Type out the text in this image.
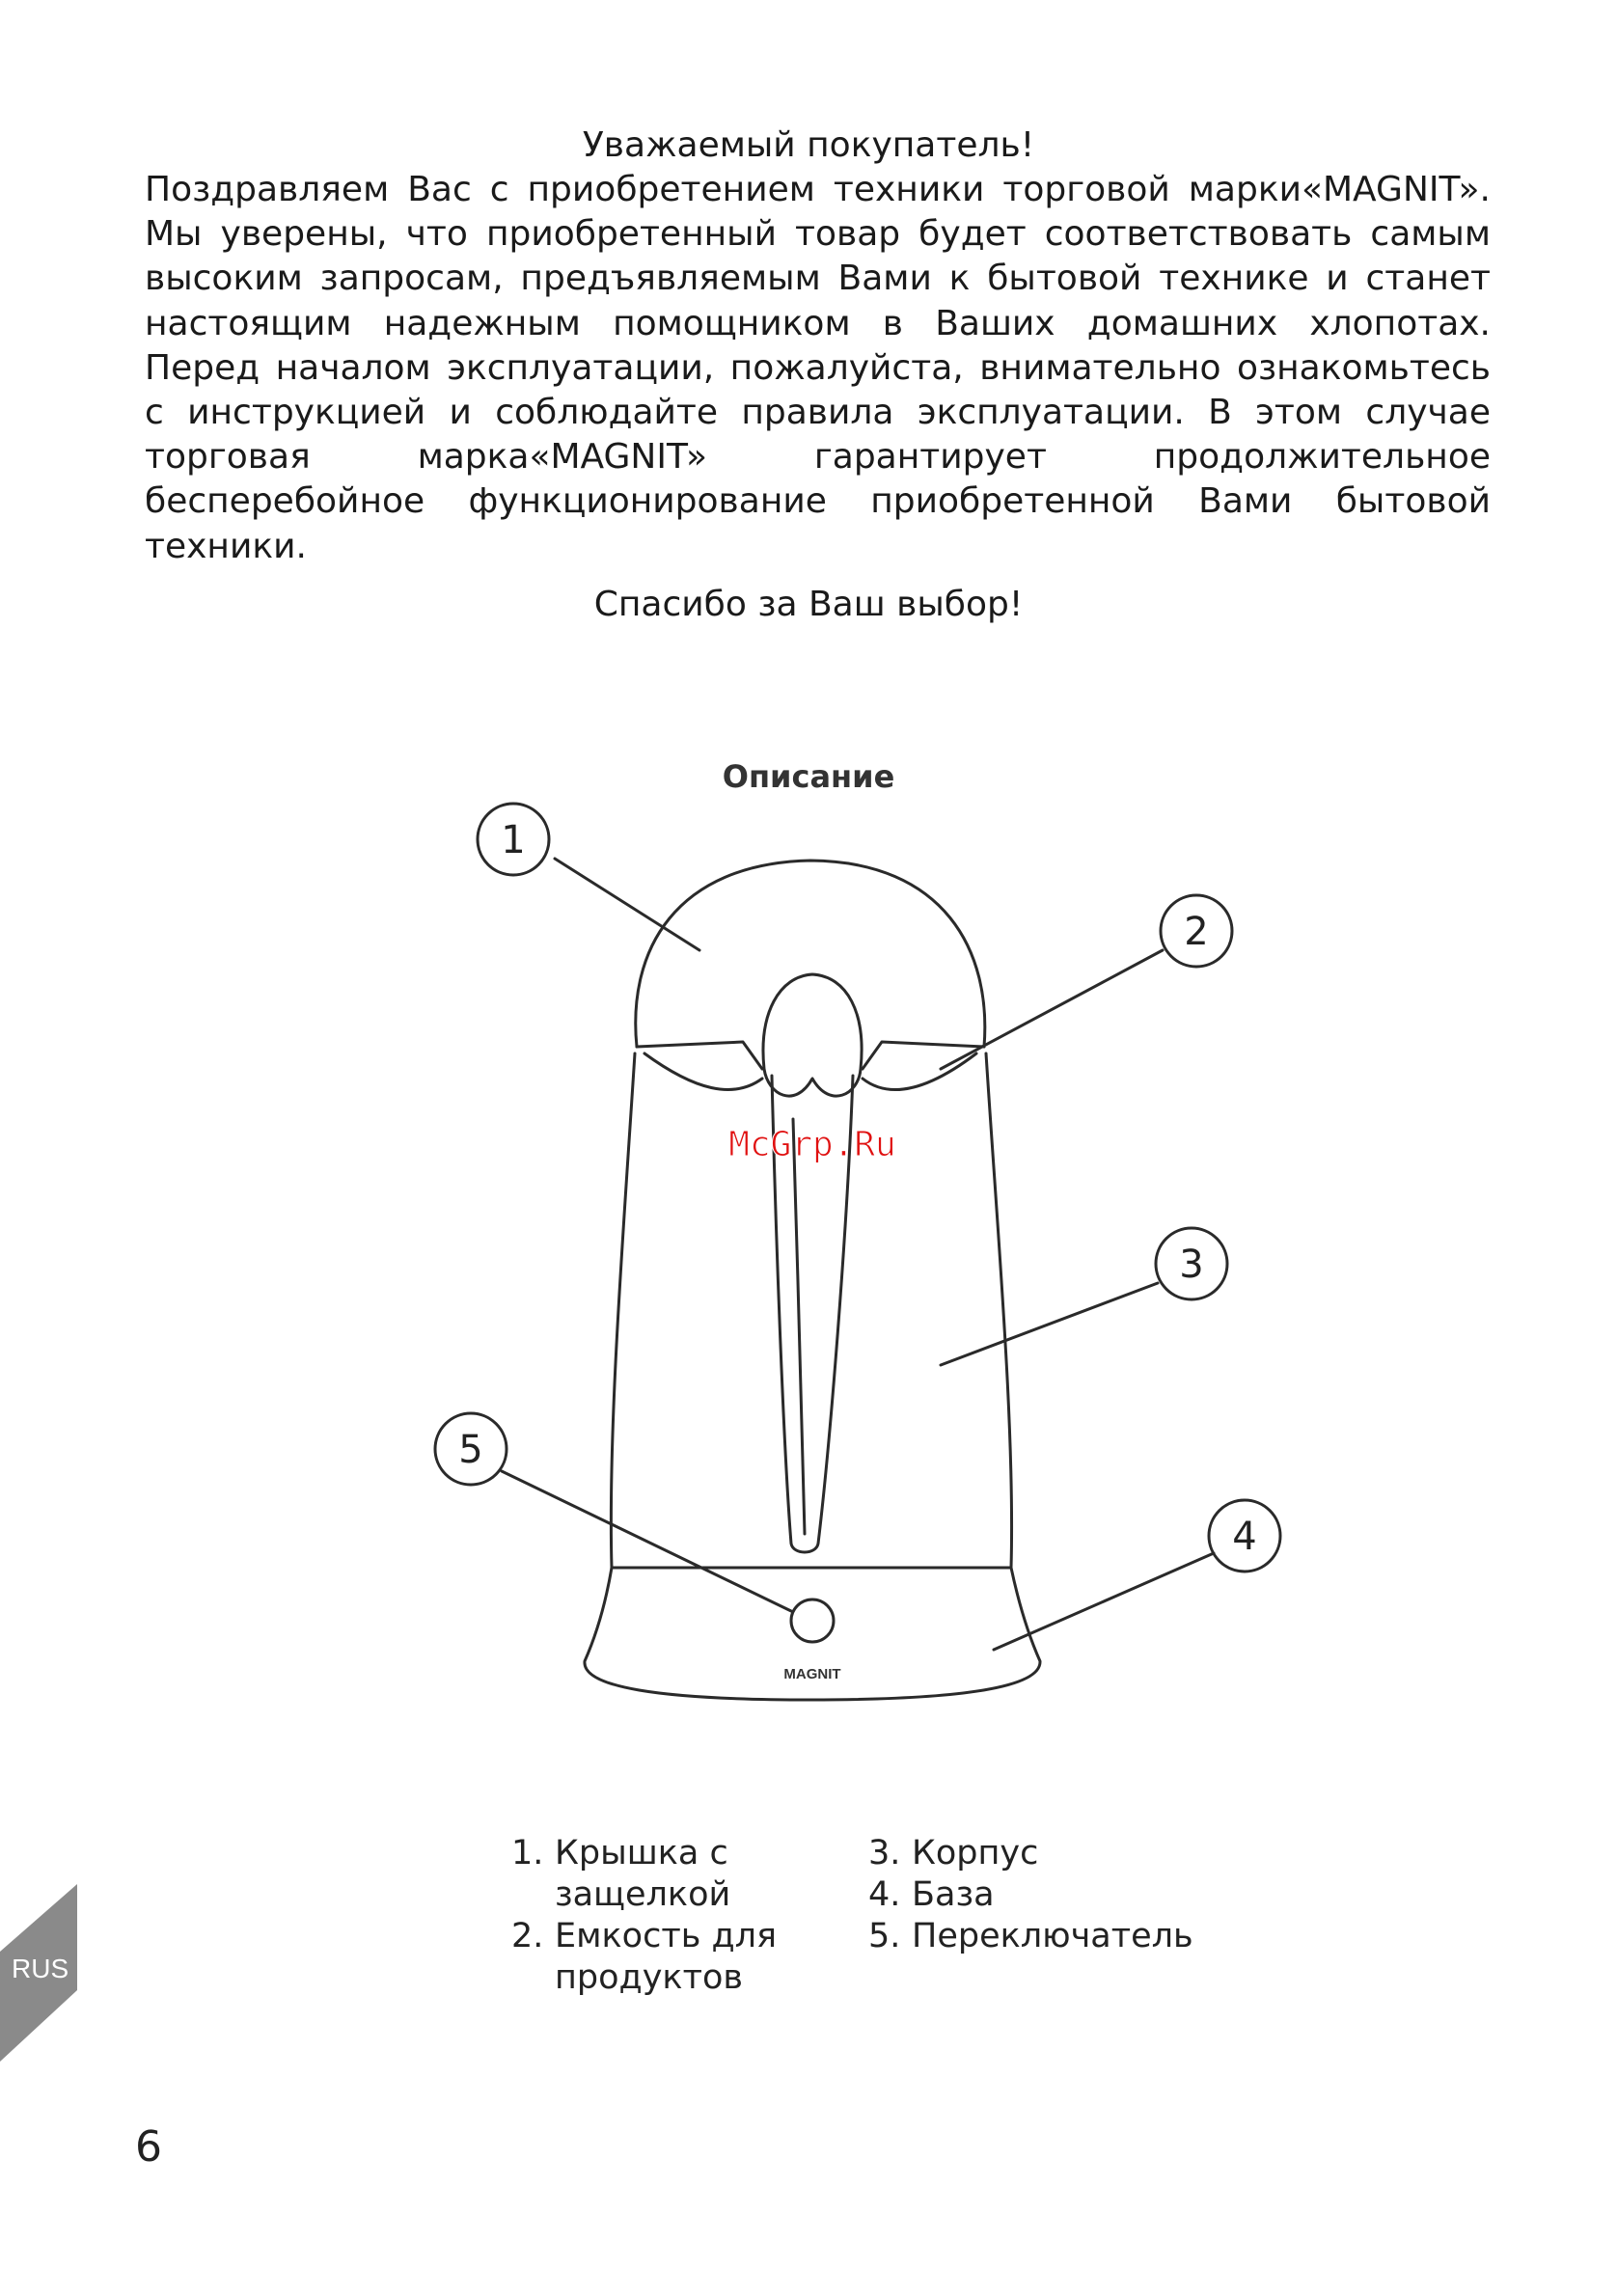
Уважаемый покупатель!
Поздравляем Вас с приобретением техники торговой марки«MAGNIT». Мы уверены, что приобретенный товар будет соответствовать самым высоким запросам, предъявляемым Вами к бытовой технике и станет настоящим надежным помощником в Ваших домашних хлопотах. Перед началом эксплуатации, пожалуйста, внимательно ознакомьтесь с инструкцией и соблюдайте правила эксплуатации. В этом случае торговая марка«MAGNIT» гарантирует продолжительное бесперебойное функционирование приобретенной Вами бытовой техники.
Спасибо за Ваш выбор!
Описание
1
2
3
4
5
MAGNIT
McGrp.Ru
1. Крышка с защелкой
2. Емкость для продуктов
3. Корпус
4. База
5. Переключатель
RUS
6
